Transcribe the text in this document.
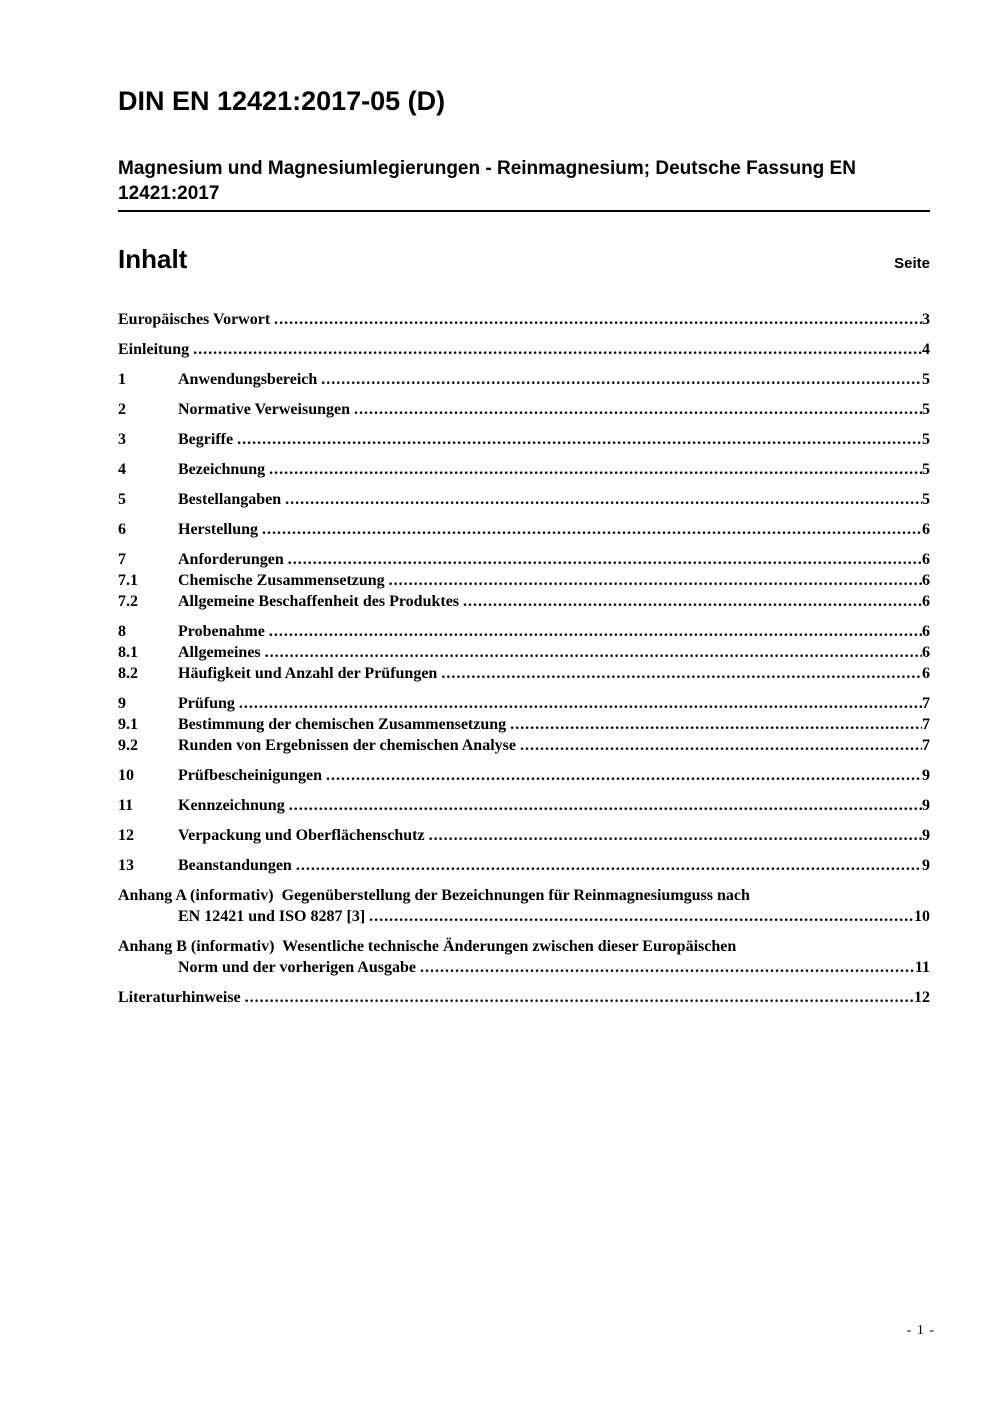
DIN EN 12421:2017-05 (D)
Magnesium und Magnesiumlegierungen - Reinmagnesium; Deutsche Fassung EN 12421:2017
Inhalt	Seite
Europäisches Vorwort .....	3
Einleitung .....	4
1	Anwendungsbereich .....	5
2	Normative Verweisungen .....	5
3	Begriffe .....	5
4	Bezeichnung .....	5
5	Bestellangaben .....	5
6	Herstellung .....	6
7	Anforderungen .....	6
7.1	Chemische Zusammensetzung .....	6
7.2	Allgemeine Beschaffenheit des Produktes .....	6
8	Probenahme .....	6
8.1	Allgemeines .....	6
8.2	Häufigkeit und Anzahl der Prüfungen .....	6
9	Prüfung .....	7
9.1	Bestimmung der chemischen Zusammensetzung .....	7
9.2	Runden von Ergebnissen der chemischen Analyse .....	7
10	Prüfbescheinigungen .....	9
11	Kennzeichnung .....	9
12	Verpackung und Oberflächenschutz .....	9
13	Beanstandungen .....	9
Anhang A (informativ)  Gegenüberstellung der Bezeichnungen für Reinmagnesiumguss nach
EN 12421 und ISO 8287 [3] .....	10
Anhang B (informativ)  Wesentliche technische Änderungen zwischen dieser Europäischen
Norm und der vorherigen Ausgabe .....	11
Literaturhinweise .....	12
- 1 -
